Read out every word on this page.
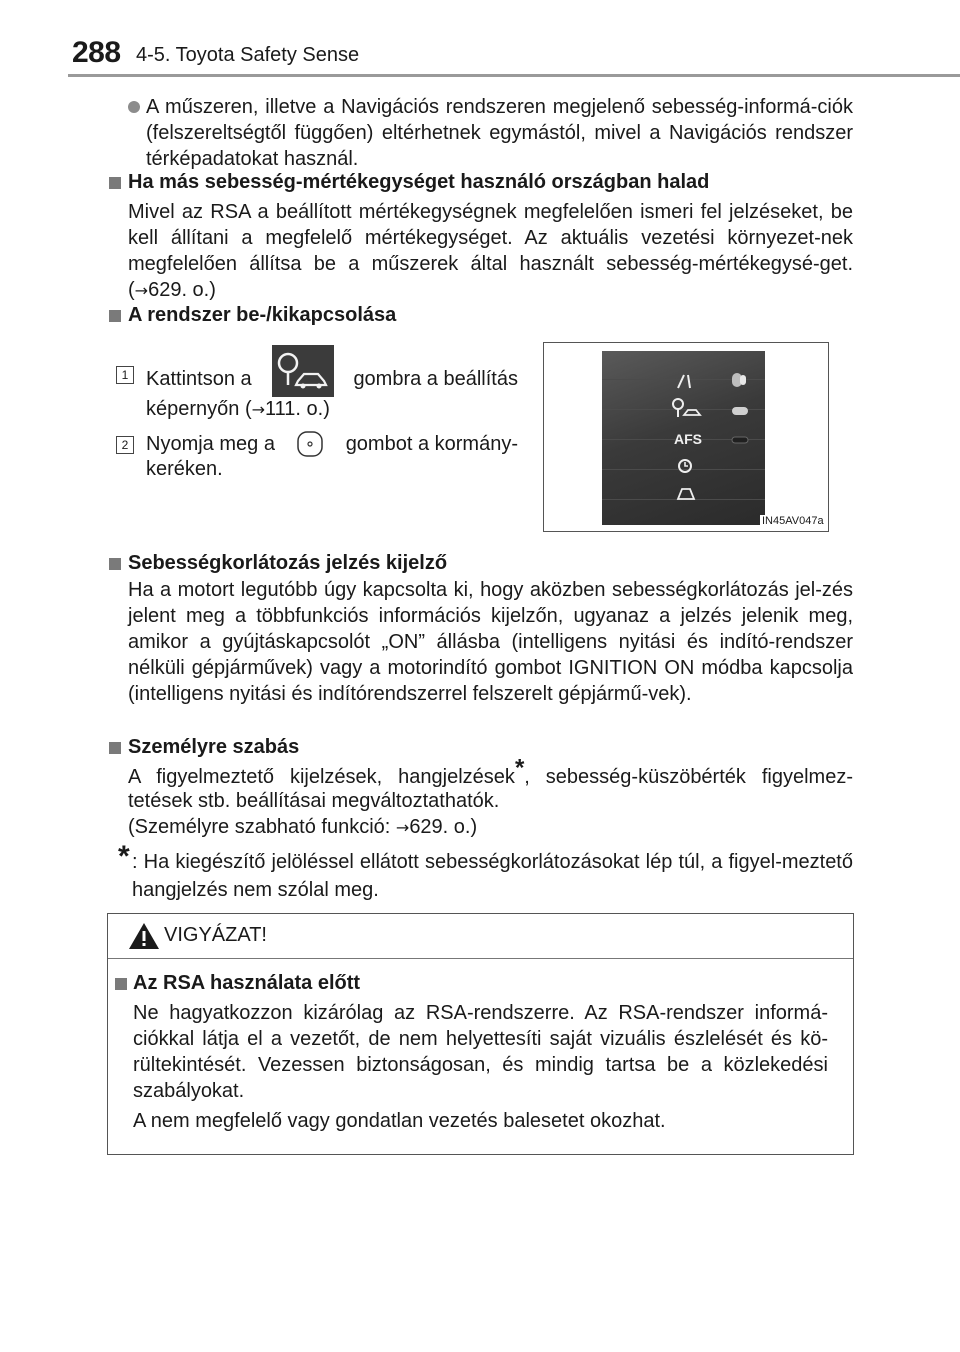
288 4-5. Toyota Safety Sense
A műszeren, illetve a Navigációs rendszeren megjelenő sebesség-informá-ciók (felszereltségtől függően) eltérhetnek egymástól, mivel a Navigációs rendszer térképadatokat használ.
Ha más sebesség-mértékegységet használó országban halad
Mivel az RSA a beállított mértékegységnek megfelelően ismeri fel jelzéseket, be kell állítani a megfelelő mértékegységet. Az aktuális vezetési környezet-nek megfelelően állítsa be a műszerek által használt sebesség-mértékegysé-get. (→629. o.)
A rendszer be-/kikapcsolása
1 Kattintson a	gombra a beállítás
képernyőn (→111. o.)
2 Nyomja meg a	gombot a kormány-
keréken.
AFS
IN45AV047a
Sebességkorlátozás jelzés kijelző
Ha a motort legutóbb úgy kapcsolta ki, hogy aközben sebességkorlátozás jel-zés jelent meg a többfunkciós információs kijelzőn, ugyanaz a jelzés jelenik meg, amikor a gyújtáskapcsolót „ON” állásba (intelligens nyitási és indító-rendszer nélküli gépjárművek) vagy a motorindító gombot IGNITION ON módba kapcsolja (intelligens nyitási és indítórendszerrel felszerelt gépjármű-vek).
Személyre szabás
A figyelmeztető kijelzések, hangjelzések*, sebesség-küszöbérték figyelmez-
tetések stb. beállításai megváltoztathatók.
(Személyre szabható funkció: →629. o.)
* : Ha kiegészítő jelöléssel ellátott sebességkorlátozásokat lép túl, a figyel-meztető hangjelzés nem szólal meg.
VIGYÁZAT!
Az RSA használata előtt
Ne hagyatkozzon kizárólag az RSA-rendszerre. Az RSA-rendszer informá-ciókkal látja el a vezetőt, de nem helyettesíti saját vizuális észlelését és kö-rültekintését. Vezessen biztonságosan, és mindig tartsa be a közlekedési szabályokat.
A nem megfelelő vagy gondatlan vezetés balesetet okozhat.
